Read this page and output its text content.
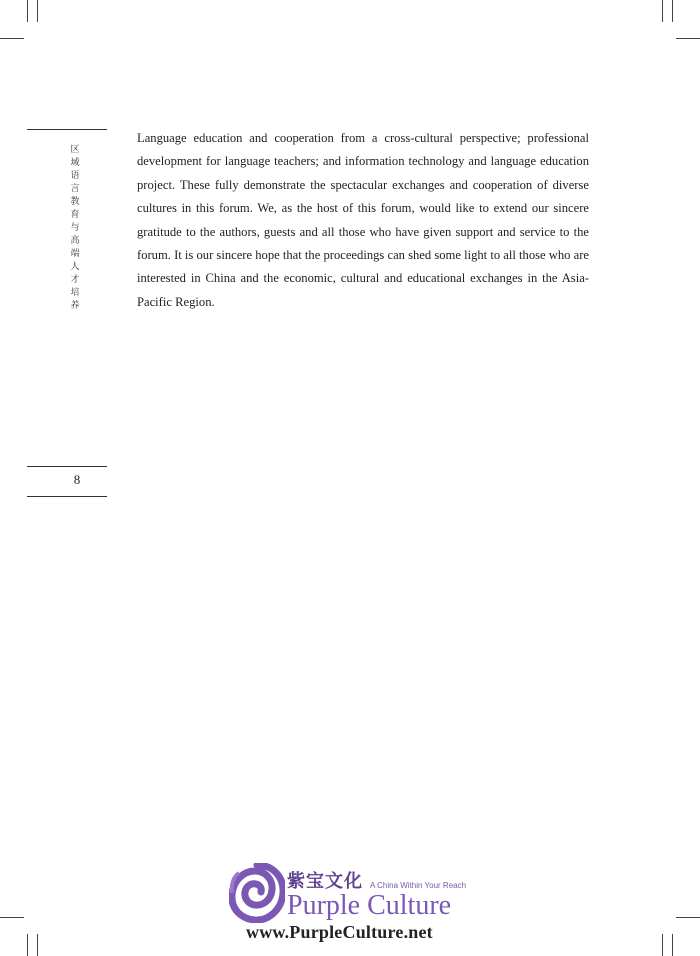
区域语言教育与高端人才培养
8

Language education and cooperation from a cross-cultural perspective; professional development for language teachers; and information technology and language education project. These fully demonstrate the spectacular exchanges and cooperation of diverse cultures in this forum. We, as the host of this forum, would like to extend our sincere gratitude to the authors, guests and all those who have given support and service to the forum. It is our sincere hope that the proceedings can shed some light to all those who are interested in China and the economic, cultural and educational exchanges in the Asia-Pacific Region.

紫宝文化 A China Within Your Reach
Purple Culture
www.PurpleCulture.net
